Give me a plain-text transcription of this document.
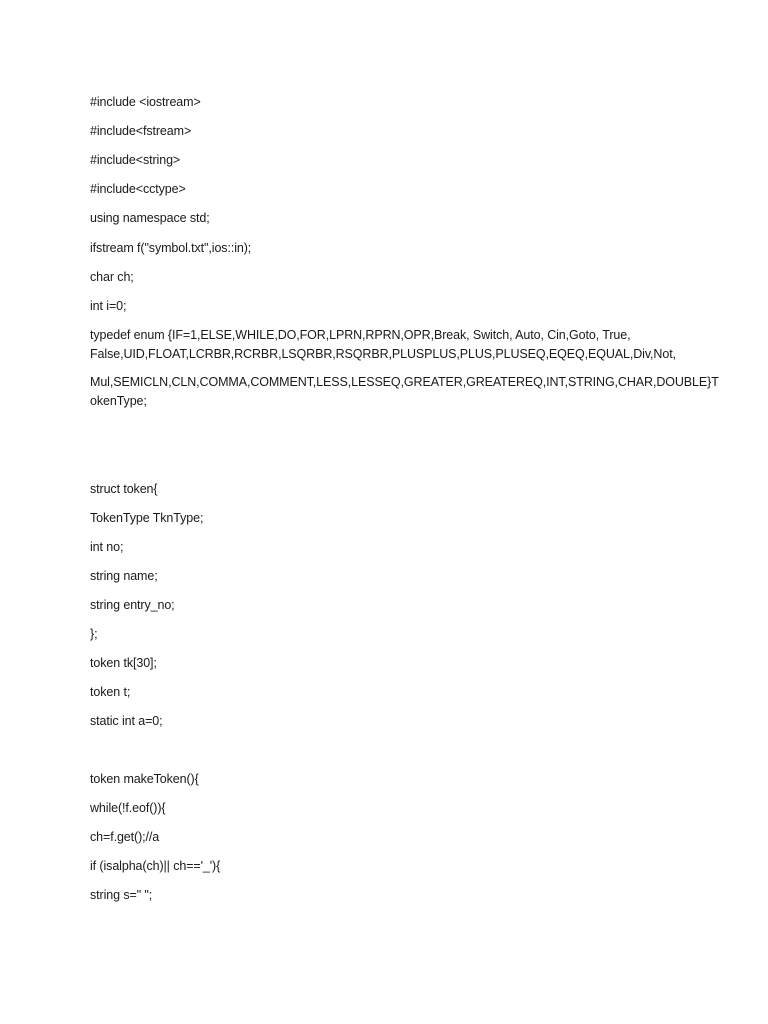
#include <iostream>
#include<fstream>
#include<string>
#include<cctype>
using namespace std;
ifstream f("symbol.txt",ios::in);
char ch;
int i=0;
typedef enum {IF=1,ELSE,WHILE,DO,FOR,LPRN,RPRN,OPR,Break, Switch, Auto, Cin,Goto, True,
False,UID,FLOAT,LCRBR,RCRBR,LSQRBR,RSQRBR,PLUSPLUS,PLUS,PLUSEQ,EQEQ,EQUAL,Div,Not,
Mul,SEMICLN,CLN,COMMA,COMMENT,LESS,LESSEQ,GREATER,GREATEREQ,INT,STRING,CHAR,DOUBLE}T
okenType;
struct token{
TokenType TknType;
int no;
string name;
string entry_no;
};
token tk[30];
token t;
static int a=0;
token makeToken(){
while(!f.eof()){
ch=f.get();//a
if (isalpha(ch)|| ch=='_'){
string s=" ";
